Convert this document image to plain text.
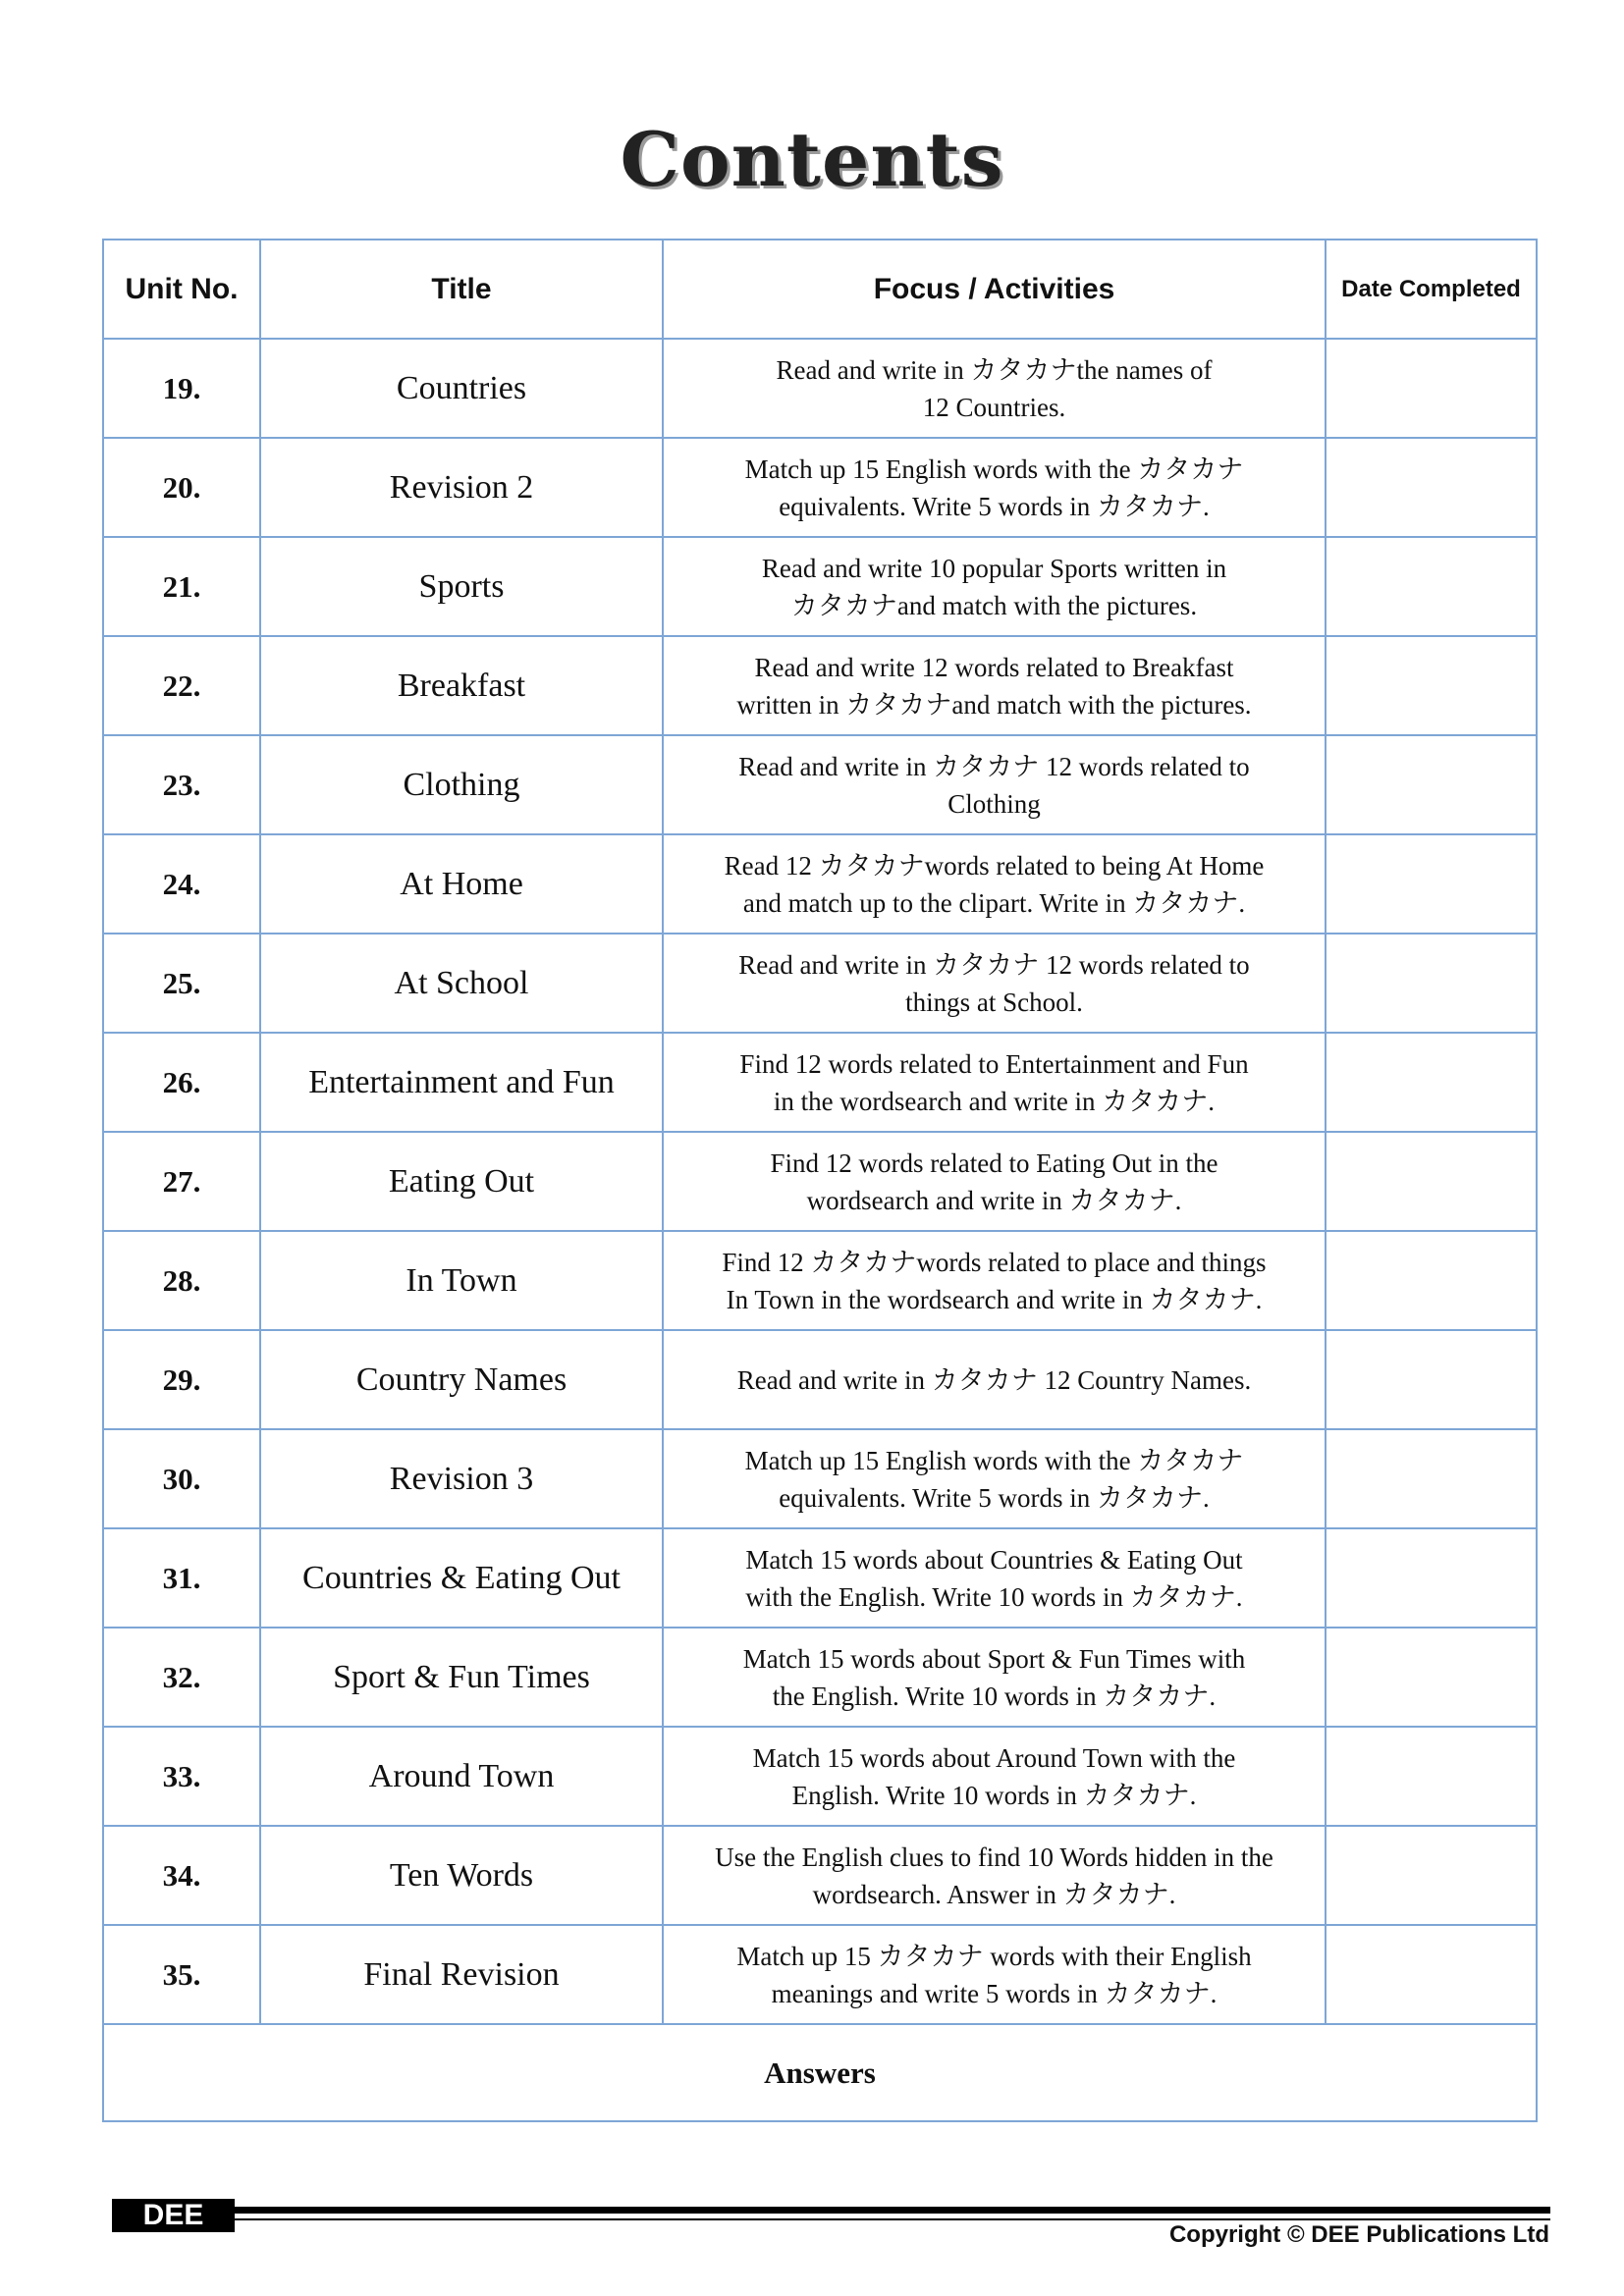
Contents
Unit No.	Title	Focus / Activities	Date Completed
19.	Countries	Read and write in カタカナthe names of
12 Countries.	

20.	Revision 2	Match up 15 English words with the カタカナ
equivalents. Write 5 words in カタカナ.	

21.	Sports	Read and write 10 popular Sports written in
カタカナand match with the pictures.	

22.	Breakfast	Read and write 12 words related to Breakfast
written in カタカナand match with the pictures.	

23.	Clothing	Read and write in カタカナ 12 words related to
Clothing	

24.	At Home	Read 12 カタカナwords related to being At Home
and match up to the clipart. Write in カタカナ.	

25.	At School	Read and write in カタカナ 12 words related to
things at School.	

26.	Entertainment and Fun	Find 12 words related to Entertainment and Fun
in the wordsearch and write in カタカナ.	

27.	Eating Out	Find 12 words related to Eating Out in the
wordsearch and write in カタカナ.	

28.	In Town	Find 12 カタカナwords related to place and things
In Town in the wordsearch and write in カタカナ.	

29.	Country Names	Read and write in カタカナ 12 Country Names.	

30.	Revision 3	Match up 15 English words with the カタカナ
equivalents. Write 5 words in カタカナ.	

31.	Countries & Eating Out	Match 15 words about Countries & Eating Out
with the English. Write 10 words in カタカナ.	

32.	Sport & Fun Times	Match 15 words about Sport & Fun Times with
the English. Write 10 words in カタカナ.	

33.	Around Town	Match 15 words about Around Town with the
English. Write 10 words in カタカナ.	

34.	Ten Words	Use the English clues to find 10 Words hidden in the
wordsearch. Answer in カタカナ.	

35.	Final Revision	Match up 15 カタカナ words with their English
meanings and write 5 words in カタカナ.	

Answers			
DEE
Copyright © DEE Publications Ltd
